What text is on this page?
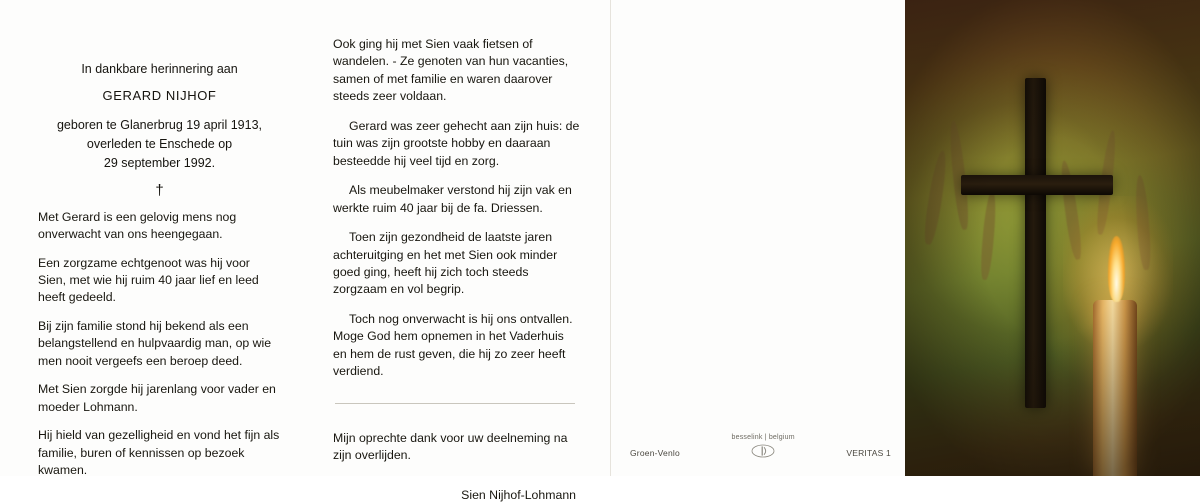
In dankbare herinnering aan
GERARD NIJHOF
geboren te Glanerbrug 19 april 1913,
overleden te Enschede op
29 september 1992.
†

Met Gerard is een gelovig mens nog onverwacht van ons heengegaan.

Een zorgzame echtgenoot was hij voor Sien, met wie hij ruim 40 jaar lief en leed heeft gedeeld.

Bij zijn familie stond hij bekend als een belangstellend en hulpvaardig man, op wie men nooit vergeefs een beroep deed.

Met Sien zorgde hij jarenlang voor vader en moeder Lohmann.

Hij hield van gezelligheid en vond het fijn als familie, buren of kennissen op bezoek kwamen.

Ook ging hij met Sien vaak fietsen of wandelen. - Ze genoten van hun vacanties, samen of met familie en waren daarover steeds zeer voldaan.

Gerard was zeer gehecht aan zijn huis: de tuin was zijn grootste hobby en daaraan besteedde hij veel tijd en zorg.

Als meubelmaker verstond hij zijn vak en werkte ruim 40 jaar bij de fa. Driessen.

Toen zijn gezondheid de laatste jaren achteruitging en het met Sien ook minder goed ging, heeft hij zich toch steeds zorgzaam en vol begrip.

Toch nog onverwacht is hij ons ontvallen. Moge God hem opnemen in het Vaderhuis en hem de rust geven, die hij zo zeer heeft verdiend.

Mijn oprechte dank voor uw deelneming na zijn overlijden.

Sien Nijhof-Lohmann
Groen-Venlo
besselink | belgium
VERITAS 1
